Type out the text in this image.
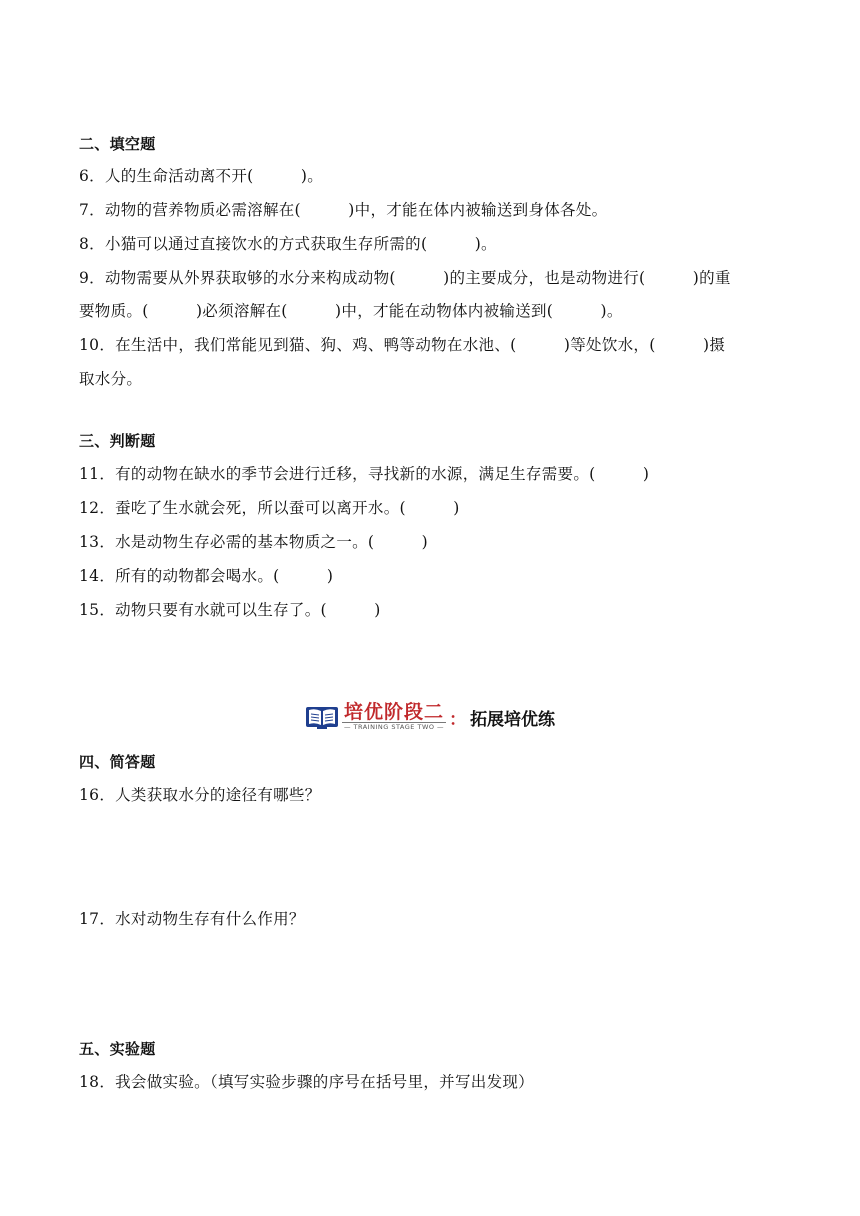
二、填空题
6．人的生命活动离不开(　　　)。
7．动物的营养物质必需溶解在(　　　)中，才能在体内被输送到身体各处。
8．小猫可以通过直接饮水的方式获取生存所需的(　　　)。
9．动物需要从外界获取够的水分来构成动物(　　　)的主要成分，也是动物进行(　　　)的重
要物质。(　　　)必须溶解在(　　　)中，才能在动物体内被输送到(　　　)。
10．在生活中，我们常能见到猫、狗、鸡、鸭等动物在水池、(　　　)等处饮水，(　　　)摄
取水分。
三、判断题
11．有的动物在缺水的季节会进行迁移，寻找新的水源，满足生存需要。(　　　)
12．蚕吃了生水就会死，所以蚕可以离开水。(　　　)
13．水是动物生存必需的基本物质之一。(　　　)
14．所有的动物都会喝水。(　　　)
15．动物只要有水就可以生存了。(　　　)
培优阶段二
— TRAINING STAGE TWO — ： 拓展培优练
四、简答题
16．人类获取水分的途径有哪些？
17．水对动物生存有什么作用？
五、实验题
18．我会做实验。（填写实验步骤的序号在括号里，并写出发现）
